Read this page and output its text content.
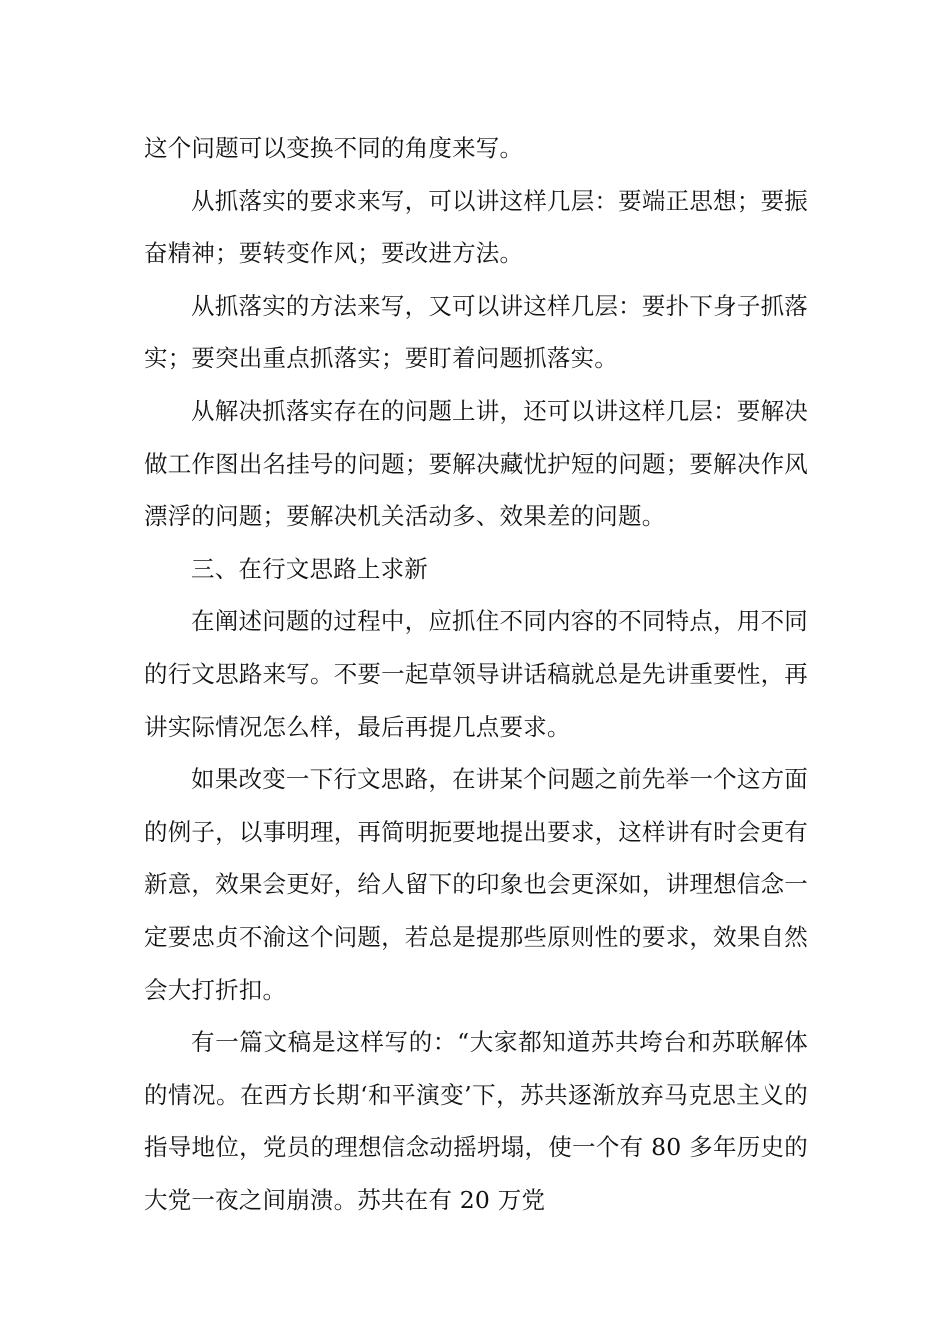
这个问题可以变换不同的角度来写。

从抓落实的要求来写，可以讲这样几层：要端正思想；要振奋精神；要转变作风；要改进方法。

从抓落实的方法来写，又可以讲这样几层：要扑下身子抓落实；要突出重点抓落实；要盯着问题抓落实。

从解决抓落实存在的问题上讲，还可以讲这样几层：要解决做工作图出名挂号的问题；要解决藏忧护短的问题；要解决作风漂浮的问题；要解决机关活动多、效果差的问题。

三、在行文思路上求新

在阐述问题的过程中，应抓住不同内容的不同特点，用不同的行文思路来写。不要一起草领导讲话稿就总是先讲重要性，再讲实际情况怎么样，最后再提几点要求。

如果改变一下行文思路，在讲某个问题之前先举一个这方面的例子，以事明理，再简明扼要地提出要求，这样讲有时会更有新意，效果会更好，给人留下的印象也会更深如，讲理想信念一定要忠贞不渝这个问题，若总是提那些原则性的要求，效果自然会大打折扣。

有一篇文稿是这样写的：“大家都知道苏共垮台和苏联解体的情况。在西方长期‘和平演变’下，苏共逐渐放弃马克思主义的指导地位，党员的理想信念动摇坍塌，使一个有 80 多年历史的大党一夜之间崩溃。苏共在有 20 万党
